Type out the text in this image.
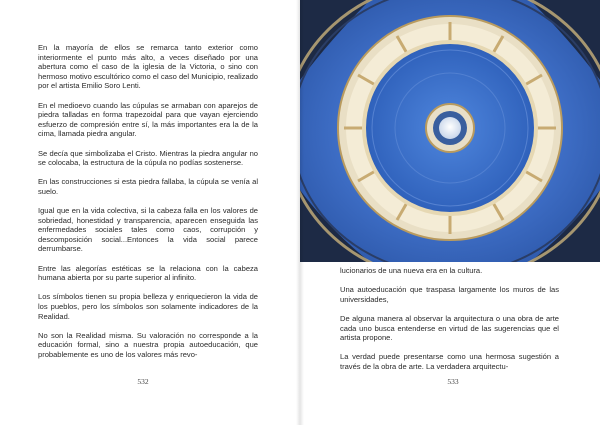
En la mayoría de ellos se remarca tanto exterior como interiormente el punto más alto, a veces diseñado por una abertura como el caso de la iglesia de la Victoria, o sino con hermoso motivo escultórico como el caso del Municipio, realizado por el artista Emilio Soro Lenti.

En el medioevo cuando las cúpulas se armaban con aparejos de piedra talladas en forma trapezoidal para que vayan ejerciendo esfuerzo de compresión entre sí, la más importantes era la de la cima, llamada piedra angular.

Se decía que simbolizaba el Cristo. Mientras la piedra angular no se colocaba, la estructura de la cúpula no podías sostenerse.

En las construcciones si esta piedra fallaba, la cúpula se venía al suelo.

Igual que en la vida colectiva, si la cabeza falla en los valores de sobriedad, honestidad y transparencia, aparecen enseguida las enfermedades sociales tales como caos, corrupción y descomposición social...Entonces la vida social parece derrumbarse.

Entre las alegorías estéticas se la relaciona con la cabeza humana abierta por su parte superior al infinito.

Los símbolos tienen su propia belleza y enriquecieron la vida de los pueblos, pero los símbolos son solamente indicadores de la Realidad.

No son la Realidad misma. Su valoración no corresponde a la educación formal, sino a nuestra propia autoeducación, que probablemente es uno de los valores más revo-

532

lucionarios de una nueva era en la cultura.

Una autoeducación que traspasa largamente los muros de las universidades,

De alguna manera al observar la arquitectura o una obra de arte cada uno busca entenderse en virtud de las sugerencias que el artista propone.

La verdad puede presentarse como una hermosa sugestión a través de la obra de arte. La verdadera arquitectu-

533
